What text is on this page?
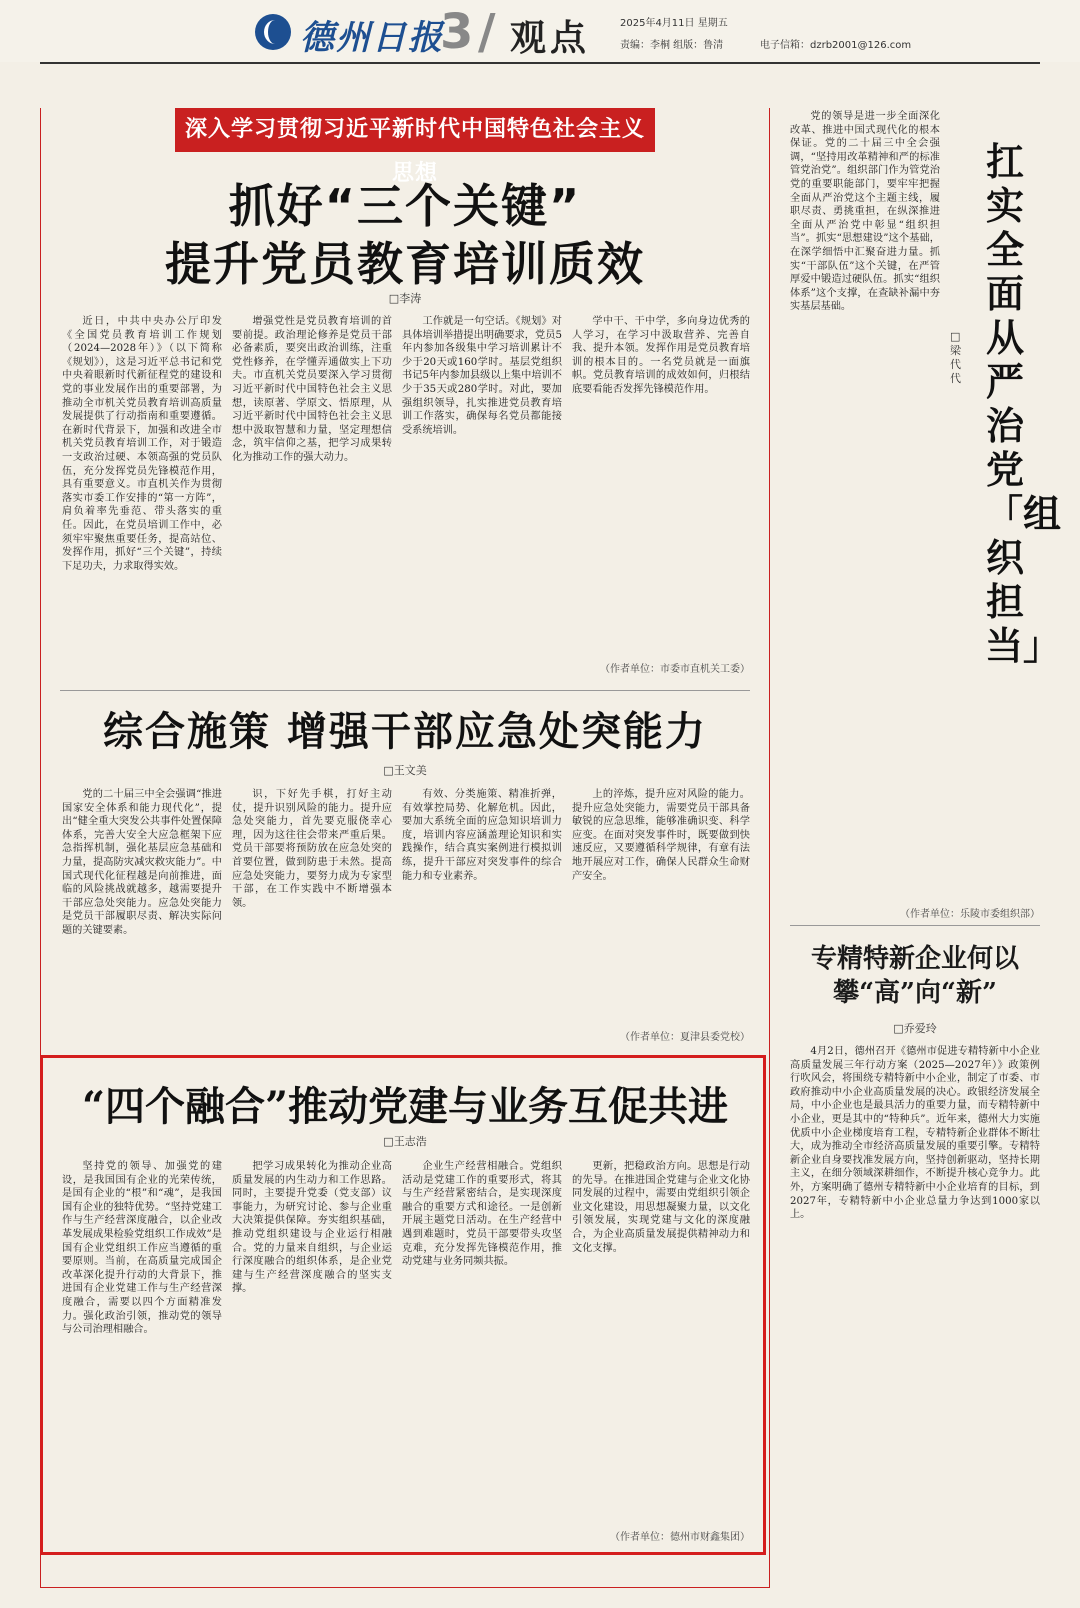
德州日报
3 / 观点	2025年4月11日 星期五
责编：李桐 组版：鲁清	电子信箱：dzrb2001@126.com
深入学习贯彻习近平新时代中国特色社会主义思想
抓好“三个关键”
提升党员教育培训质效
□李涛

近日，中共中央办公厅印发《全国党员教育培训工作规划（2024—2028年）》（以下简称《规划》），这是习近平总书记和党中央着眼新时代新征程党的建设和党的事业发展作出的重要部署，为推动全市机关党员教育培训高质量发展提供了行动指南和重要遵循。在新时代背景下，加强和改进全市机关党员教育培训工作，对于锻造一支政治过硬、本领高强的党员队伍，充分发挥党员先锋模范作用，具有重要意义。市直机关作为贯彻落实市委工作安排的“第一方阵”，肩负着率先垂范、带头落实的重任。因此，在党员培训工作中，必须牢牢聚焦重要任务，提高站位、发挥作用，抓好“三个关键”，持续下足功夫，力求取得实效。

增强党性是党员教育培训的首要前提。政治理论修养是党员干部必备素质，要突出政治训练，注重党性修养，在学懂弄通做实上下功夫。市直机关党员要深入学习贯彻习近平新时代中国特色社会主义思想，读原著、学原文、悟原理，从习近平新时代中国特色社会主义思想中汲取智慧和力量，坚定理想信念，筑牢信仰之基，把学习成果转化为推动工作的强大动力。

工作就是一句空话。《规划》对具体培训举措提出明确要求，党员5年内参加各级集中学习培训累计不少于20天或160学时。基层党组织书记5年内参加县级以上集中培训不少于35天或280学时。对此，要加强组织领导，扎实推进党员教育培训工作落实，确保每名党员都能接受系统培训。

学中干、干中学，多向身边优秀的人学习，在学习中汲取营养、完善自我、提升本领。发挥作用是党员教育培训的根本目的。一名党员就是一面旗帜。党员教育培训的成效如何，归根结底要看能否发挥先锋模范作用。

（作者单位：市委市直机关工委）
综合施策 增强干部应急处突能力
□王文美

党的二十届三中全会强调“推进国家安全体系和能力现代化”，提出“健全重大突发公共事件处置保障体系，完善大安全大应急框架下应急指挥机制，强化基层应急基础和力量，提高防灾减灾救灾能力”。中国式现代化征程越是向前推进，面临的风险挑战就越多，越需要提升干部应急处突能力。应急处突能力是党员干部履职尽责、解决实际问题的关键要素。

识，下好先手棋，打好主动仗，提升识别风险的能力。提升应急处突能力，首先要克服侥幸心理，因为这往往会带来严重后果。党员干部要将预防放在应急处突的首要位置，做到防患于未然。提高应急处突能力，要努力成为专家型干部，在工作实践中不断增强本领。

有效、分类施策、精准折弹，有效掌控局势、化解危机。因此，要加大系统全面的应急知识培训力度，培训内容应涵盖理论知识和实践操作，结合真实案例进行模拟训练，提升干部应对突发事件的综合能力和专业素养。

上的淬炼，提升应对风险的能力。提升应急处突能力，需要党员干部具备敏锐的应急思维，能够准确识变、科学应变。在面对突发事件时，既要做到快速反应，又要遵循科学规律，有章有法地开展应对工作，确保人民群众生命财产安全。

（作者单位：夏津县委党校）
“四个融合”推动党建与业务互促共进
□王志浩

坚持党的领导、加强党的建设，是我国国有企业的光荣传统，是国有企业的“根”和“魂”，是我国国有企业的独特优势。“坚持党建工作与生产经营深度融合，以企业改革发展成果检验党组织工作成效”是国有企业党组织工作应当遵循的重要原则。当前，在高质量完成国企改革深化提升行动的大背景下，推进国有企业党建工作与生产经营深度融合，需要以四个方面精准发力。强化政治引领，推动党的领导与公司治理相融合。

把学习成果转化为推动企业高质量发展的内生动力和工作思路。同时，主要提升党委（党支部）议事能力，为研究讨论、参与企业重大决策提供保障。夯实组织基础，推动党组织建设与企业运行相融合。党的力量来自组织，与企业运行深度融合的组织体系，是企业党建与生产经营深度融合的坚实支撑。

企业生产经营相融合。党组织活动是党建工作的重要形式，将其与生产经营紧密结合，是实现深度融合的重要方式和途径。一是创新开展主题党日活动。在生产经营中遇到难题时，党员干部要带头攻坚克难，充分发挥先锋模范作用，推动党建与业务同频共振。

更新，把稳政治方向。思想是行动的先导。在推进国企党建与企业文化协同发展的过程中，需要由党组织引领企业文化建设，用思想凝聚力量，以文化引领发展，实现党建与文化的深度融合，为企业高质量发展提供精神动力和文化支撑。

（作者单位：德州市财鑫集团）

党的领导是进一步全面深化改革、推进中国式现代化的根本保证。党的二十届三中全会强调，“坚持用改革精神和严的标准管党治党”。组织部门作为管党治党的重要职能部门，要牢牢把握全面从严治党这个主题主线，履职尽责、勇挑重担，在纵深推进全面从严治党中彰显“组织担当”。抓实“思想建设”这个基础，在深学细悟中汇聚奋进力量。抓实“干部队伍”这个关键，在严管厚爱中锻造过硬队伍。抓实“组织体系”这个支撑，在查缺补漏中夯实基层基础。

扛实全面从严治党「组织担当」
□梁代代
（作者单位：乐陵市委组织部）
专精特新企业何以攀“高”向“新”
□乔爱玲

4月2日，德州召开《德州市促进专精特新中小企业高质量发展三年行动方案（2025—2027年）》政策例行吹风会，将围绕专精特新中小企业，制定了市委、市政府推动中小企业高质量发展的决心。政银经济发展全局，中小企业也是最具活力的重要力量，而专精特新中小企业，更是其中的“特种兵”。近年来，德州大力实施优质中小企业梯度培育工程，专精特新企业群体不断壮大，成为推动全市经济高质量发展的重要引擎。专精特新企业自身要找准发展方向，坚持创新驱动，坚持长期主义，在细分领域深耕细作，不断提升核心竞争力。此外，方案明确了德州专精特新中小企业培育的目标，到2027年，专精特新中小企业总量力争达到1000家以上。
